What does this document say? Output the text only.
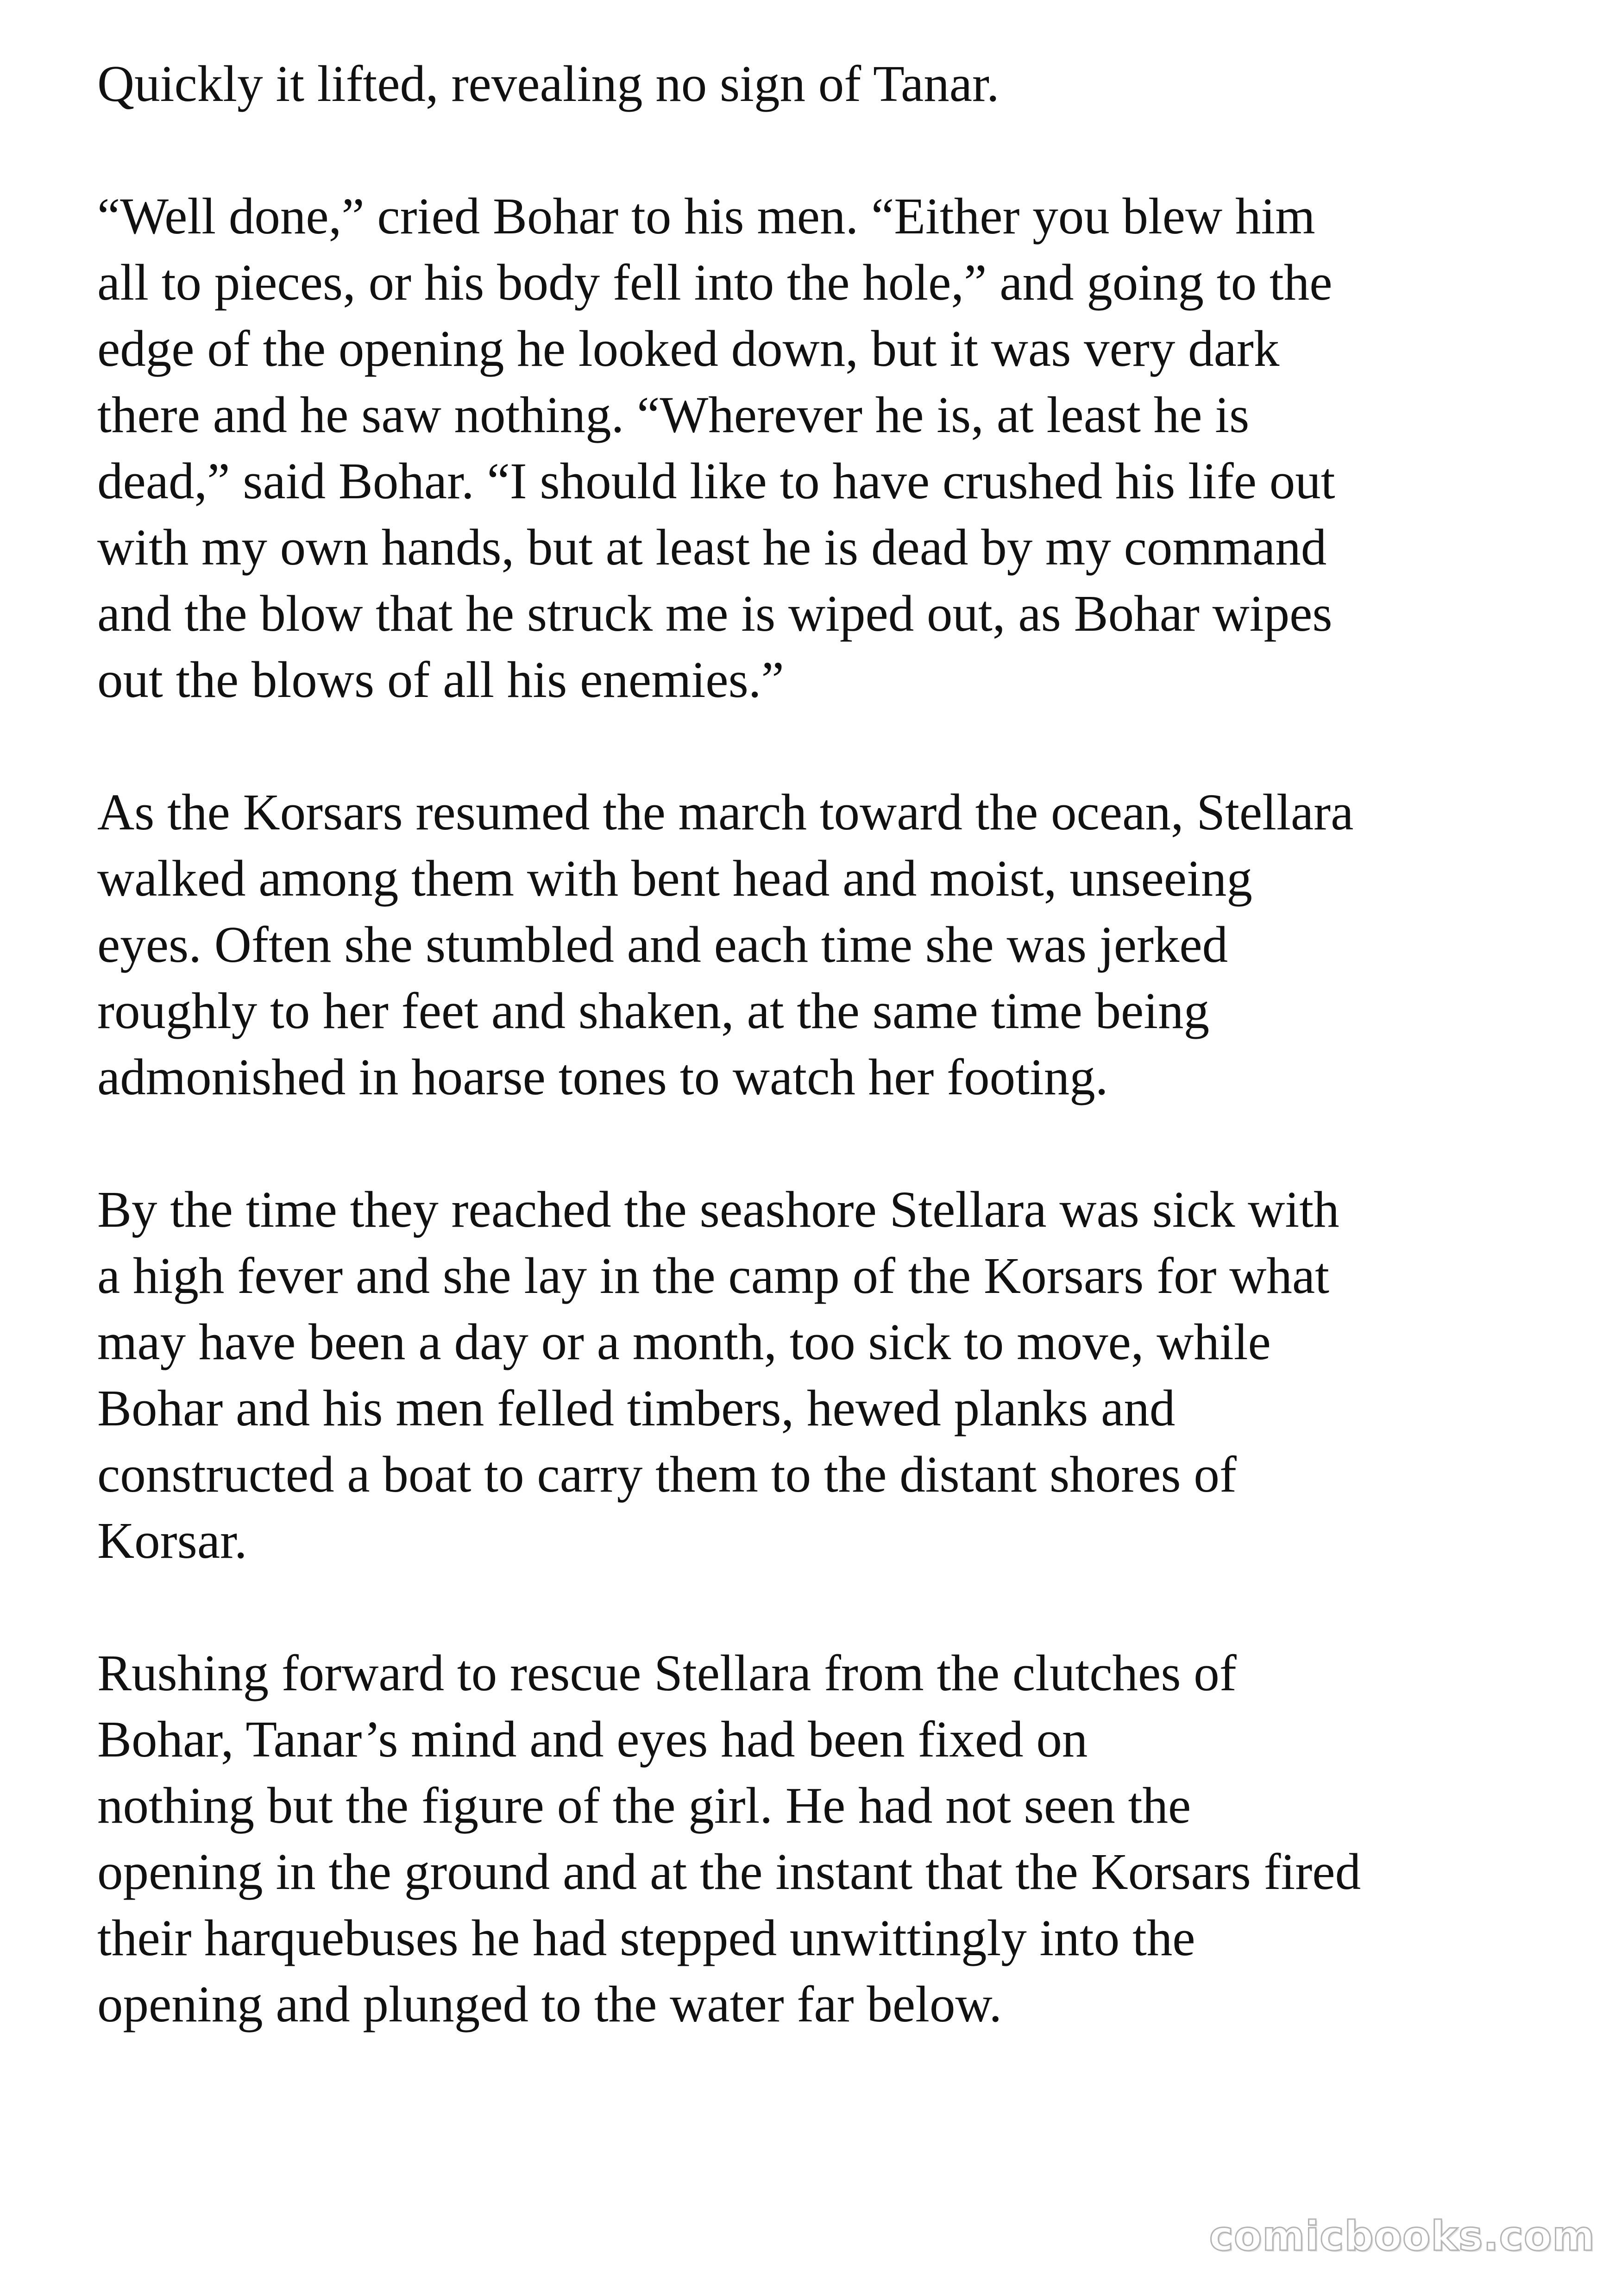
Quickly it lifted, revealing no sign of Tanar.

“Well done,” cried Bohar to his men. “Either you blew him
all to pieces, or his body fell into the hole,” and going to the
edge of the opening he looked down, but it was very dark
there and he saw nothing. “Wherever he is, at least he is
dead,” said Bohar. “I should like to have crushed his life out
with my own hands, but at least he is dead by my command
and the blow that he struck me is wiped out, as Bohar wipes
out the blows of all his enemies.”

As the Korsars resumed the march toward the ocean, Stellara
walked among them with bent head and moist, unseeing
eyes. Often she stumbled and each time she was jerked
roughly to her feet and shaken, at the same time being
admonished in hoarse tones to watch her footing.

By the time they reached the seashore Stellara was sick with
a high fever and she lay in the camp of the Korsars for what
may have been a day or a month, too sick to move, while
Bohar and his men felled timbers, hewed planks and
constructed a boat to carry them to the distant shores of
Korsar.

Rushing forward to rescue Stellara from the clutches of
Bohar, Tanar’s mind and eyes had been fixed on
nothing but the figure of the girl. He had not seen the
opening in the ground and at the instant that the Korsars fired
their harquebuses he had stepped unwittingly into the
opening and plunged to the water far below.

comicbooks.com
